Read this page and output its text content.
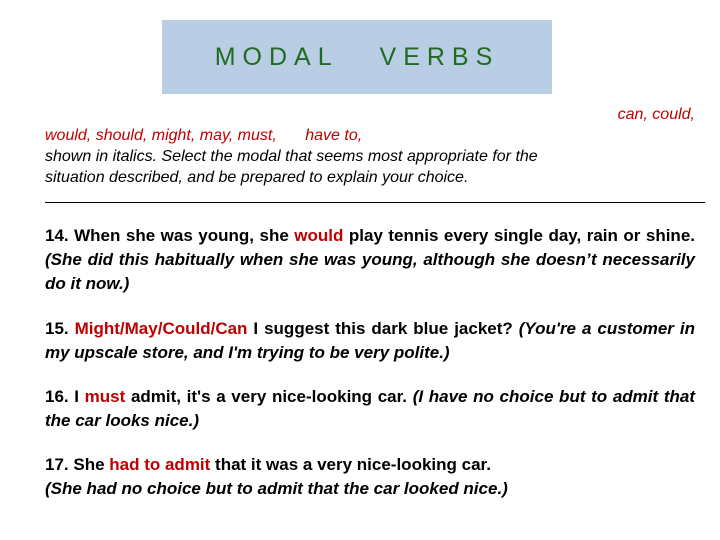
MODAL   VERBS
can, could,
would, should, might, may, must, have to,
shown in italics. Select the modal that seems most appropriate for the
situation described, and be prepared to explain your choice.
14. When she was young, she would play tennis every single day, rain or shine. (She did this habitually when she was young, although she doesn’t necessarily do it now.)
15. Might/May/Could/Can I suggest this dark blue jacket? (You're a customer in my upscale store, and I'm trying to be very polite.)
16. I must admit, it's a very nice-looking car. (I have no choice but to admit that the car looks nice.)
17. She had to admit that it was a very nice-looking car.
(She had no choice but to admit that the car looked nice.)
